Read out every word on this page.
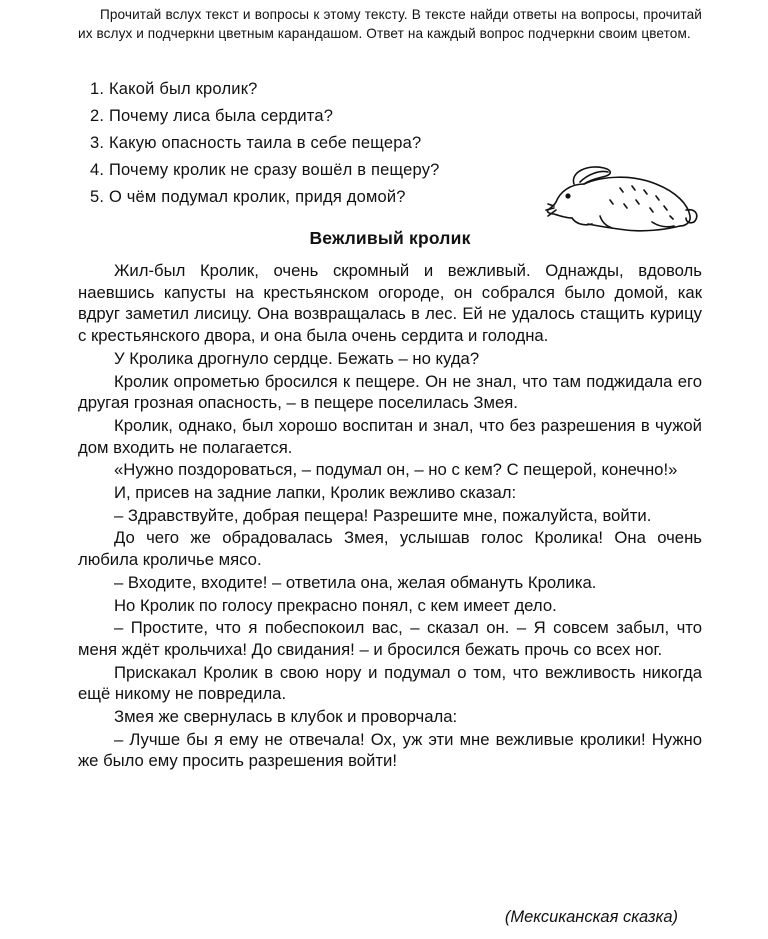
Прочитай вслух текст и вопросы к этому тексту. В тексте найди ответы на вопросы, прочитай их вслух и подчеркни цветным карандашом. Ответ на каждый вопрос подчеркни своим цветом.
1. Какой был кролик?
2. Почему лиса была сердита?
3. Какую опасность таила в себе пещера?
4. Почему кролик не сразу вошёл в пещеру?
5. О чём подумал кролик, придя домой?
Вежливый кролик

Жил-был Кролик, очень скромный и вежливый. Однажды, вдоволь наевшись капусты на крестьянском огороде, он собрался было домой, как вдруг заметил лисицу. Она возвращалась в лес. Ей не удалось стащить курицу с крестьянского двора, и она была очень сердита и голодна.

У Кролика дрогнуло сердце. Бежать – но куда?

Кролик опрометью бросился к пещере. Он не знал, что там поджидала его другая грозная опасность, – в пещере поселилась Змея.

Кролик, однако, был хорошо воспитан и знал, что без разрешения в чужой дом входить не полагается.

«Нужно поздороваться, – подумал он, – но с кем? С пещерой, конечно!»

И, присев на задние лапки, Кролик вежливо сказал:

– Здравствуйте, добрая пещера! Разрешите мне, пожалуйста, войти.

До чего же обрадовалась Змея, услышав голос Кролика! Она очень любила кроличье мясо.

– Входите, входите! – ответила она, желая обмануть Кролика.

Но Кролик по голосу прекрасно понял, с кем имеет дело.

– Простите, что я побеспокоил вас, – сказал он. – Я совсем забыл, что меня ждёт крольчиха! До свидания! – и бросился бежать прочь со всех ног.

Прискакал Кролик в свою нору и подумал о том, что вежливость никогда ещё никому не повредила.

Змея же свернулась в клубок и проворчала:

– Лучше бы я ему не отвечала! Ох, уж эти мне вежливые кролики! Нужно же было ему просить разрешения войти!

(Мексиканская сказка)
